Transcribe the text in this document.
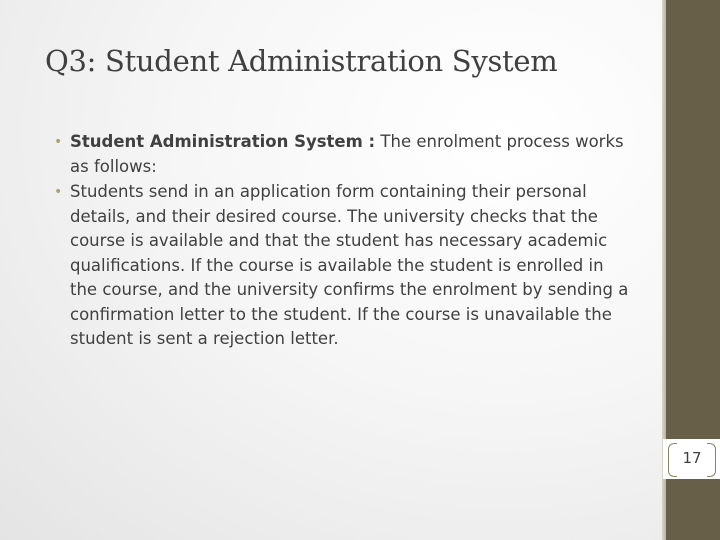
Q3: Student Administration System

• Student Administration System : The enrolment process works as follows:

• Students send in an application form containing their personal details, and their desired course. The university checks that the course is available and that the student has necessary academic qualifications. If the course is available the student is enrolled in the course, and the university confirms the enrolment by sending a confirmation letter to the student. If the course is unavailable the student is sent a rejection letter.

17
